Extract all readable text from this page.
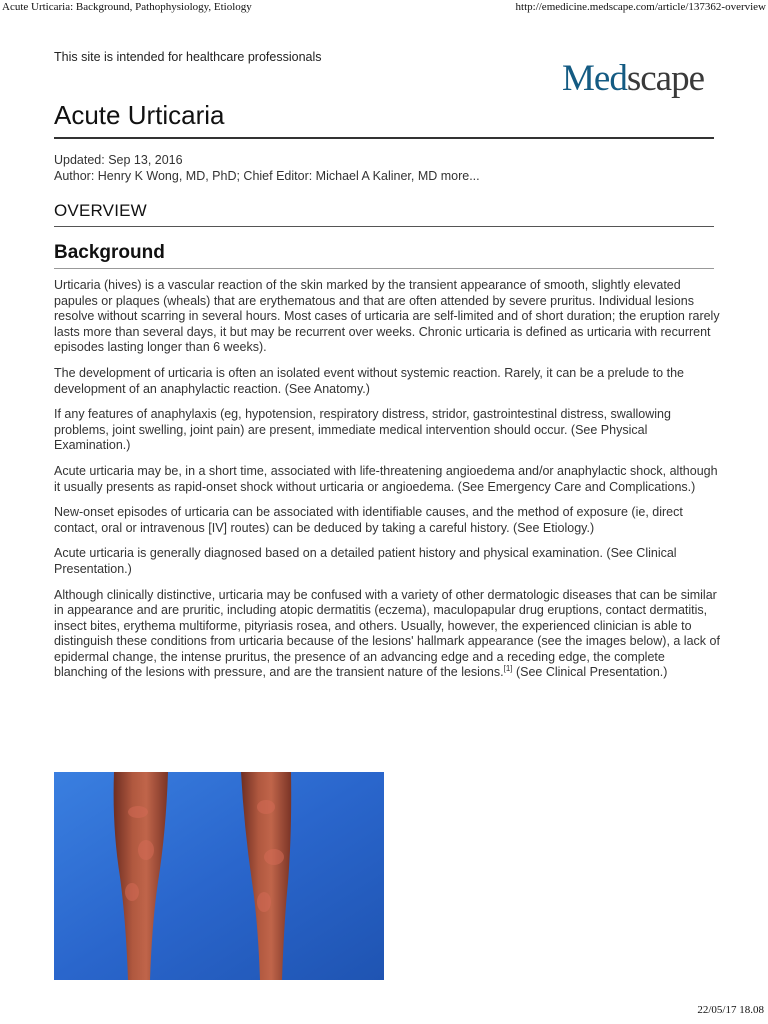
Acute Urticaria: Background, Pathophysiology, Etiology	http://emedicine.medscape.com/article/137362-overview
This site is intended for healthcare professionals
Medscape
Acute Urticaria
Updated: Sep 13, 2016
Author: Henry K Wong, MD, PhD; Chief Editor: Michael A Kaliner, MD more...
OVERVIEW
Background

Urticaria (hives) is a vascular reaction of the skin marked by the transient appearance of smooth, slightly elevated papules or plaques (wheals) that are erythematous and that are often attended by severe pruritus. Individual lesions resolve without scarring in several hours. Most cases of urticaria are self-limited and of short duration; the eruption rarely lasts more than several days, it but may be recurrent over weeks. Chronic urticaria is defined as urticaria with recurrent episodes lasting longer than 6 weeks).

The development of urticaria is often an isolated event without systemic reaction. Rarely, it can be a prelude to the development of an anaphylactic reaction. (See Anatomy.)

If any features of anaphylaxis (eg, hypotension, respiratory distress, stridor, gastrointestinal distress, swallowing problems, joint swelling, joint pain) are present, immediate medical intervention should occur. (See Physical Examination.)

Acute urticaria may be, in a short time, associated with life-threatening angioedema and/or anaphylactic shock, although it usually presents as rapid-onset shock without urticaria or angioedema. (See Emergency Care and Complications.)

New-onset episodes of urticaria can be associated with identifiable causes, and the method of exposure (ie, direct contact, oral or intravenous [IV] routes) can be deduced by taking a careful history. (See Etiology.)

Acute urticaria is generally diagnosed based on a detailed patient history and physical examination. (See Clinical Presentation.)

Although clinically distinctive, urticaria may be confused with a variety of other dermatologic diseases that can be similar in appearance and are pruritic, including atopic dermatitis (eczema), maculopapular drug eruptions, contact dermatitis, insect bites, erythema multiforme, pityriasis rosea, and others. Usually, however, the experienced clinician is able to distinguish these conditions from urticaria because of the lesions' hallmark appearance (see the images below), a lack of epidermal change, the intense pruritus, the presence of an advancing edge and a receding edge, the complete blanching of the lesions with pressure, and are the transient nature of the lesions.[1] (See Clinical Presentation.)

22/05/17 18.08
